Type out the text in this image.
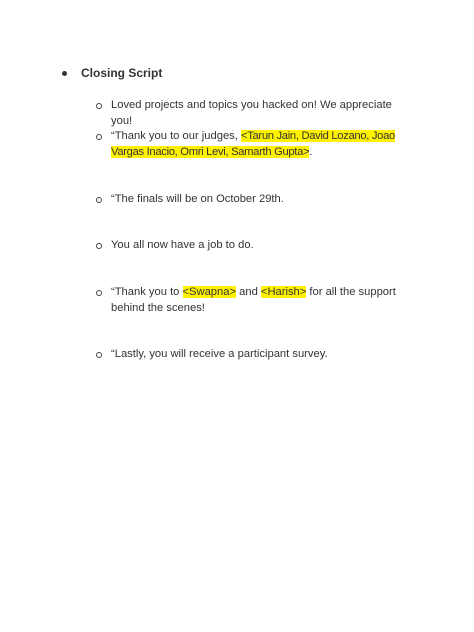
Closing Script
Loved projects and topics you hacked on! We appreciate you!
“Thank you to our judges, <Tarun Jain, David Lozano, Joao Vargas Inacio, Omri Levi, Samarth Gupta>.
“The finals will be on October 29th.
You all now have a job to do.
“Thank you to <Swapna> and <Harish> for all the support behind the scenes!
“Lastly, you will receive a participant survey.
